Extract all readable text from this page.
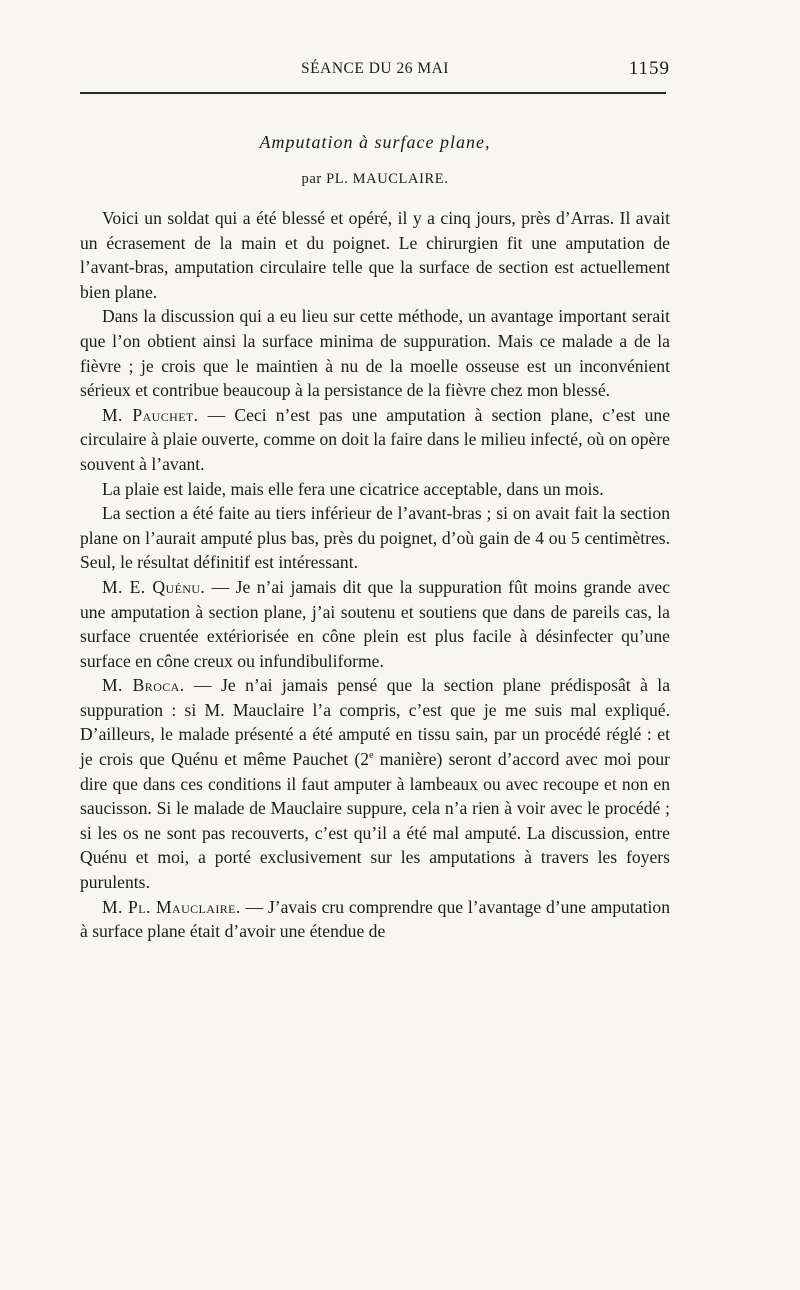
SÉANCE DU 26 MAI	1159
Amputation à surface plane,
par PL. MAUCLAIRE.

Voici un soldat qui a été blessé et opéré, il y a cinq jours, près d’Arras. Il avait un écrasement de la main et du poignet. Le chirurgien fit une amputation de l’avant-bras, amputation circulaire telle que la surface de section est actuellement bien plane.

Dans la discussion qui a eu lieu sur cette méthode, un avantage important serait que l’on obtient ainsi la surface minima de suppuration. Mais ce malade a de la fièvre ; je crois que le maintien à nu de la moelle osseuse est un inconvénient sérieux et contribue beaucoup à la persistance de la fièvre chez mon blessé.

M. Pauchet. — Ceci n’est pas une amputation à section plane, c’est une circulaire à plaie ouverte, comme on doit la faire dans le milieu infecté, où on opère souvent à l’avant.

La plaie est laide, mais elle fera une cicatrice acceptable, dans un mois.

La section a été faite au tiers inférieur de l’avant-bras ; si on avait fait la section plane on l’aurait amputé plus bas, près du poignet, d’où gain de 4 ou 5 centimètres. Seul, le résultat définitif est intéressant.

M. E. Quénu. — Je n’ai jamais dit que la suppuration fût moins grande avec une amputation à section plane, j’ai soutenu et soutiens que dans de pareils cas, la surface cruentée extériorisée en cône plein est plus facile à désinfecter qu’une surface en cône creux ou infundibuliforme.

M. Broca. — Je n’ai jamais pensé que la section plane prédisposât à la suppuration : si M. Mauclaire l’a compris, c’est que je me suis mal expliqué. D’ailleurs, le malade présenté a été amputé en tissu sain, par un procédé réglé : et je crois que Quénu et même Pauchet (2e manière) seront d’accord avec moi pour dire que dans ces conditions il faut amputer à lambeaux ou avec recoupe et non en saucisson. Si le malade de Mauclaire suppure, cela n’a rien à voir avec le procédé ; si les os ne sont pas recouverts, c’est qu’il a été mal amputé. La discussion, entre Quénu et moi, a porté exclusivement sur les amputations à travers les foyers purulents.

M. Pl. Mauclaire. — J’avais cru comprendre que l’avantage d’une amputation à surface plane était d’avoir une étendue de
